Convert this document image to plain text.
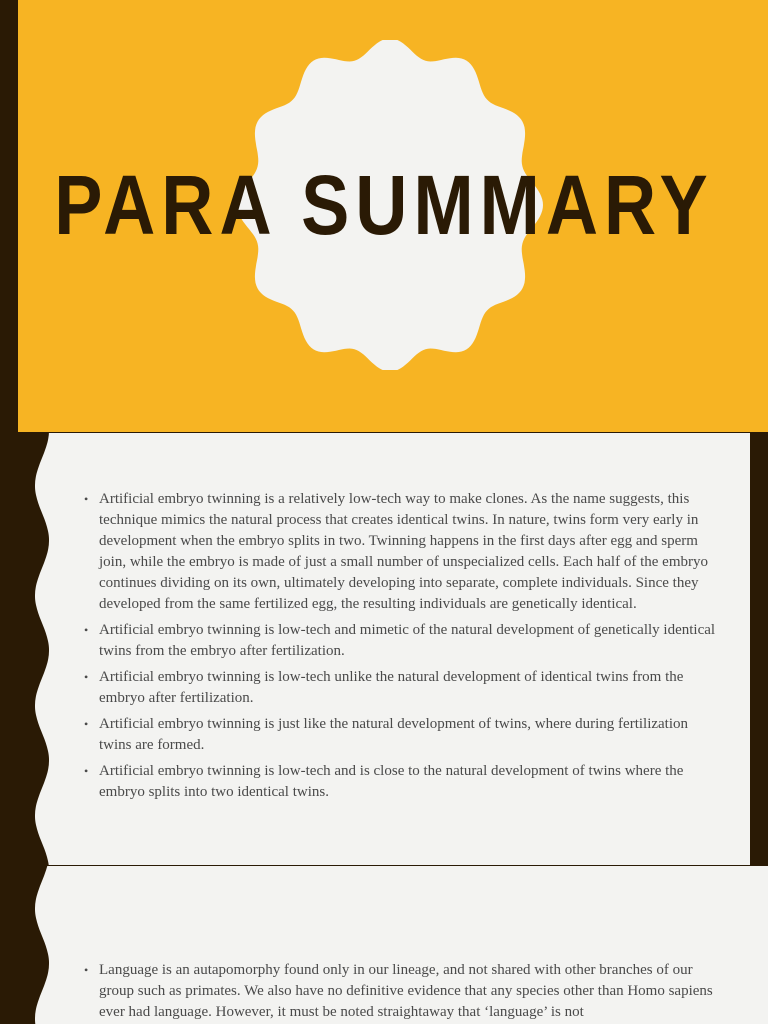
PARA SUMMARY
• Artificial embryo twinning is a relatively low-tech way to make clones. As the name suggests, this technique mimics the natural process that creates identical twins. In nature, twins form very early in development when the embryo splits in two. Twinning happens in the first days after egg and sperm join, while the embryo is made of just a small number of unspecialized cells. Each half of the embryo continues dividing on its own, ultimately developing into separate, complete individuals. Since they developed from the same fertilized egg, the resulting individuals are genetically identical.
• Artificial embryo twinning is low-tech and mimetic of the natural development of genetically identical twins from the embryo after fertilization.
• Artificial embryo twinning is low-tech unlike the natural development of identical twins from the embryo after fertilization.
• Artificial embryo twinning is just like the natural development of twins, where during fertilization twins are formed.
• Artificial embryo twinning is low-tech and is close to the natural development of twins where the embryo splits into two identical twins.
• Language is an autapomorphy found only in our lineage, and not shared with other branches of our group such as primates. We also have no definitive evidence that any species other than Homo sapiens ever had language. However, it must be noted straightaway that ‘language’ is not
